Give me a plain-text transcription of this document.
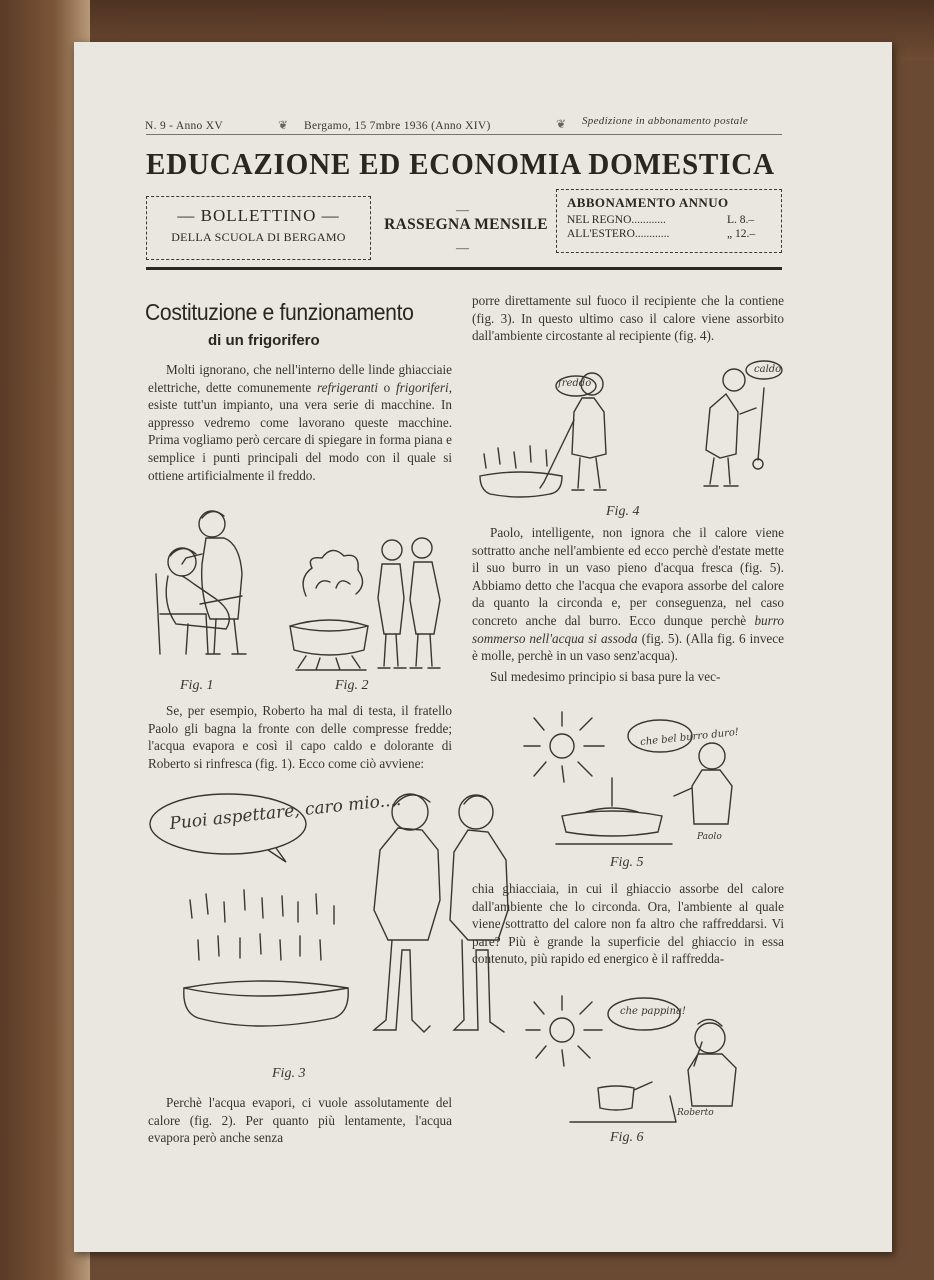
N. 9 - Anno XV	❦ Bergamo, 15 7mbre 1936 (Anno XIV)	❦ Spedizione in abbonamento postale
EDUCAZIONE ED ECONOMIA DOMESTICA
— BOLLETTINO —
DELLA SCUOLA DI BERGAMO
—
RASSEGNA MENSILE
—
ABBONAMENTO ANNUO
NEL REGNO............	L. 8.–
ALL'ESTERO............	„ 12.–
Costituzione e funzionamento
di un frigorifero

Molti ignorano, che nell'interno delle linde ghiacciaie elettriche, dette comunemente refrigeranti o frigoriferi, esiste tutt'un impianto, una vera serie di macchine. In appresso vedremo come lavorano queste macchine. Prima vogliamo però cercare di spiegare in forma piana e semplice i punti principali del modo con il quale si ottiene artificialmente il freddo.

Fig. 1	Fig. 2

Se, per esempio, Roberto ha mal di testa, il fratello Paolo gli bagna la fronte con delle compresse fredde; l'acqua evapora e così il capo caldo e dolorante di Roberto si rinfresca (fig. 1). Ecco come ciò avviene:

Puoi aspettare, caro mio....
Fig. 3

Perchè l'acqua evapori, ci vuole assolutamente del calore (fig. 2). Per quanto più lentamente, l'acqua evapora però anche senza

porre direttamente sul fuoco il recipiente che la contiene (fig. 3). In questo ultimo caso il calore viene assorbito dall'ambiente circostante al recipiente (fig. 4).

freddo
caldo
Fig. 4

Paolo, intelligente, non ignora che il calore viene sottratto anche nell'ambiente ed ecco perchè d'estate mette il suo burro in un vaso pieno d'acqua fresca (fig. 5). Abbiamo detto che l'acqua che evapora assorbe del calore da quanto la circonda e, per conseguenza, nel caso concreto anche dal burro. Ecco dunque perchè burro sommerso nell'acqua si assoda (fig. 5). (Alla fig. 6 invece è molle, perchè in un vaso senz'acqua).

Sul medesimo principio si basa pure la vec-

che bel burro duro!
Paolo
Fig. 5

chia ghiacciaia, in cui il ghiaccio assorbe del calore dall'ambiente che lo circonda. Ora, l'ambiente al quale viene sottratto del calore non fa altro che raffreddarsi. Vi pare? Più è grande la superficie del ghiaccio in essa contenuto, più rapido ed energico è il raffredda-

che pappina!
Roberto
Fig. 6
